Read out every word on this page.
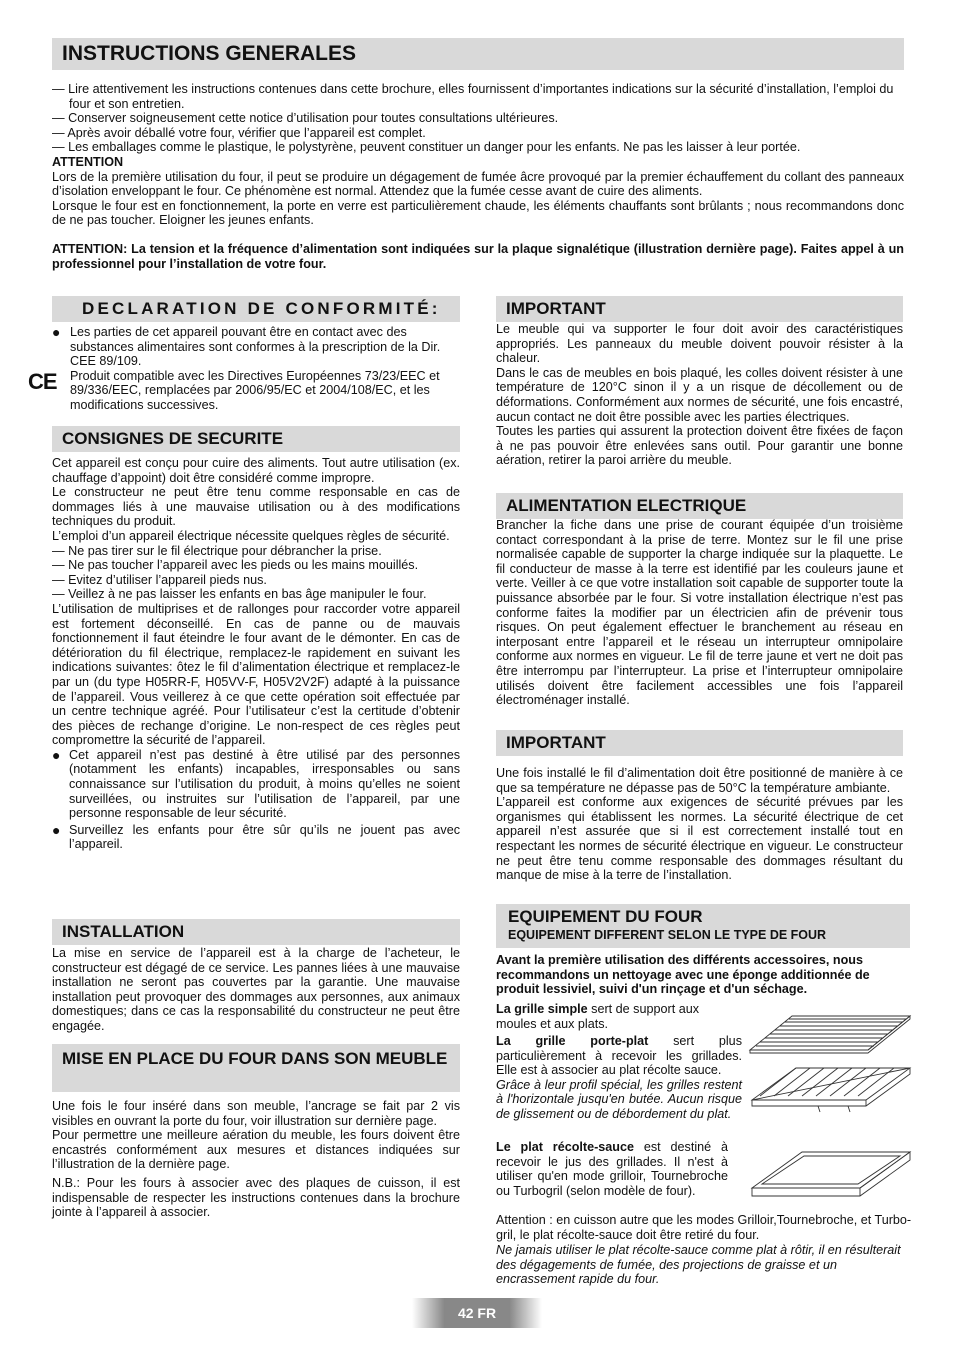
INSTRUCTIONS GENERALES

— Lire attentivement les instructions contenues dans cette brochure, elles fournissent d’importantes indications sur la sécurité d’installation, l’emploi du four et son entretien.

— Conserver soigneusement cette notice d’utilisation pour toutes consultations ultérieures.

— Après avoir déballé votre four, vérifier que l’appareil est complet.

— Les emballages comme le plastique, le polystyrène, peuvent constituer un danger pour les enfants. Ne pas les laisser à leur portée.

ATTENTION

Lors de la première utilisation du four, il peut se produire un dégagement de fumée âcre provoqué par la premier échauffement du collant des panneaux d’isolation enveloppant le four. Ce phénomène est normal. Attendez que la fumée cesse avant de cuire des aliments.

Lorsque le four est en fonctionnement, la porte en verre est particulièrement chaude, les éléments chauffants sont brûlants ; nous recommandons donc de ne pas toucher. Eloigner les jeunes enfants.

ATTENTION: La tension et la fréquence d’alimentation sont indiquées sur la plaque signalétique (illustration dernière page). Faites appel à un professionnel pour l’installation de votre four.

DECLARATION DE CONFORMITÉ:
● Les parties de cet appareil pouvant être en contact avec des substances alimentaires sont conformes à la prescription de la Dir. CEE 89/109.
CE Produit compatible avec les Directives Européennes 73/23/EEC et 89/336/EEC, remplacées par 2006/95/EC et 2004/108/EC, et les modifications successives.
CONSIGNES DE SECURITE

Cet appareil est conçu pour cuire des aliments. Tout autre utilisation (ex. chauffage d’appoint) doit être considéré comme impropre.

Le constructeur ne peut être tenu comme responsable en cas de dommages liés à une mauvaise utilisation ou à des modifications techniques du produit.

L’emploi d’un appareil électrique nécessite quelques règles de sécurité.

— Ne pas tirer sur le fil électrique pour débrancher la prise.

— Ne pas toucher l’appareil avec les pieds ou les mains mouillés.

— Evitez d’utiliser l’appareil pieds nus.

— Veillez à ne pas laisser les enfants en bas âge manipuler le four.

L’utilisation de multiprises et de rallonges pour raccorder votre appareil est fortement déconseillé. En cas de panne ou de mauvais fonctionnement il faut éteindre le four avant de le démonter. En cas de détérioration du fil électrique, remplacez-le rapidement en suivant les indications suivantes: ôtez le fil d’alimentation électrique et remplacez-le par un (du type H05RR-F, H05VV-F, H05V2V2F) adapté à la puissance de l’appareil. Vous veillerez à ce que cette opération soit effectuée par un centre technique agréé. Pour l’utilisateur c’est la certitude d’obtenir des pièces de rechange d’origine. Le non-respect de ces règles peut compromettre la sécurité de l’appareil.

● Cet appareil n’est pas destiné à être utilisé par des personnes (notamment les enfants) incapables, irresponsables ou sans connaissance sur l’utilisation du produit, à moins qu’elles ne soient surveillées, ou instruites sur l’utilisation de l’appareil, par une personne responsable de leur sécurité.
● Surveillez les enfants pour être sûr qu’ils ne jouent pas avec l’appareil.
INSTALLATION

La mise en service de l’appareil est à la charge de l’acheteur, le constructeur est dégagé de ce service. Les pannes liées à une mauvaise installation ne seront pas couvertes par la garantie. Une mauvaise installation peut provoquer des dommages aux personnes, aux animaux domestiques; dans ce cas la responsabilité du constructeur ne peut être engagée.

MISE EN PLACE DU FOUR DANS SON MEUBLE

Une fois le four inséré dans son meuble, l’ancrage se fait par 2 vis visibles en ouvrant la porte du four, voir illustration sur dernière page.

Pour permettre une meilleure aération du meuble, les fours doivent être encastrés conformément aux mesures et distances indiquées sur l’illustration de la dernière page.

N.B.: Pour les fours à associer avec des plaques de cuisson, il est indispensable de respecter les instructions contenues dans la brochure jointe à l’appareil à associer.

IMPORTANT

Le meuble qui va supporter le four doit avoir des caractéristiques appropriés. Les panneaux du meuble doivent pouvoir résister à la chaleur.

Dans le cas de meubles en bois plaqué, les colles doivent résister à une température de 120°C sinon il y a un risque de décollement ou de déformations. Conformément aux normes de sécurité, une fois encastré, aucun contact ne doit être possible avec les parties électriques.

Toutes les parties qui assurent la protection doivent être fixées de façon à ne pas pouvoir être enlevées sans outil. Pour garantir une bonne aération, retirer la paroi arrière du meuble.

ALIMENTATION ELECTRIQUE

Brancher la fiche dans une prise de courant équipée d’un troisième contact correspondant à la prise de terre. Montez sur le fil une prise normalisée capable de supporter la charge indiquée sur la plaquette. Le fil conducteur de masse à la terre est identifié par les couleurs jaune et verte. Veiller à ce que votre installation soit capable de supporter toute la puissance absorbée par le four. Si votre installation électrique n’est pas conforme faites la modifier par un électricien afin de prévenir tous risques. On peut également effectuer le branchement au réseau en interposant entre l’appareil et le réseau un interrupteur omnipolaire conforme aux normes en vigueur. Le fil de terre jaune et vert ne doit pas être interrompu par l’interrupteur. La prise et l’interrupteur omnipolaire utilisés doivent être facilement accessibles une fois l’appareil électroménager installé.

IMPORTANT

Une fois installé le fil d’alimentation doit être positionné de manière à ce que sa température ne dépasse pas de 50°C la température ambiante.

L’appareil est conforme aux exigences de sécurité prévues par les organismes qui établissent les normes. La sécurité électrique de cet appareil n’est assurée que si il est correctement installé tout en respectant les normes de sécurité électrique en vigueur. Le constructeur ne peut être tenu comme responsable des dommages résultant du manque de mise à la terre de l’installation.

EQUIPEMENT DU FOUR
EQUIPEMENT DIFFERENT SELON LE TYPE DE FOUR
Avant la première utilisation des différents accessoires, nous recommandons un nettoyage avec une éponge additionnée de produit lessiviel, suivi d'un rinçage et d'un séchage.
La grille simple sert de support aux moules et aux plats.
La grille porte-plat sert plus particulièrement à recevoir les grillades. Elle est à associer au plat récolte sauce.
Grâce à leur profil spécial, les grilles restent à l'horizontale jusqu'en butée. Aucun risque de glissement ou de débordement du plat.
Le plat récolte-sauce est destiné à recevoir le jus des grillades. Il n'est à utiliser qu'en mode grilloir, Tournebroche ou Turbogril (selon modèle de four).
Attention : en cuisson autre que les modes Grilloir,Tournebroche, et Turbo-gril, le plat récolte-sauce doit être retiré du four.
Ne jamais utiliser le plat récolte-sauce comme plat à rôtir, il en résulterait des dégagements de fumée, des projections de graisse et un encrassement rapide du four.
42 FR
